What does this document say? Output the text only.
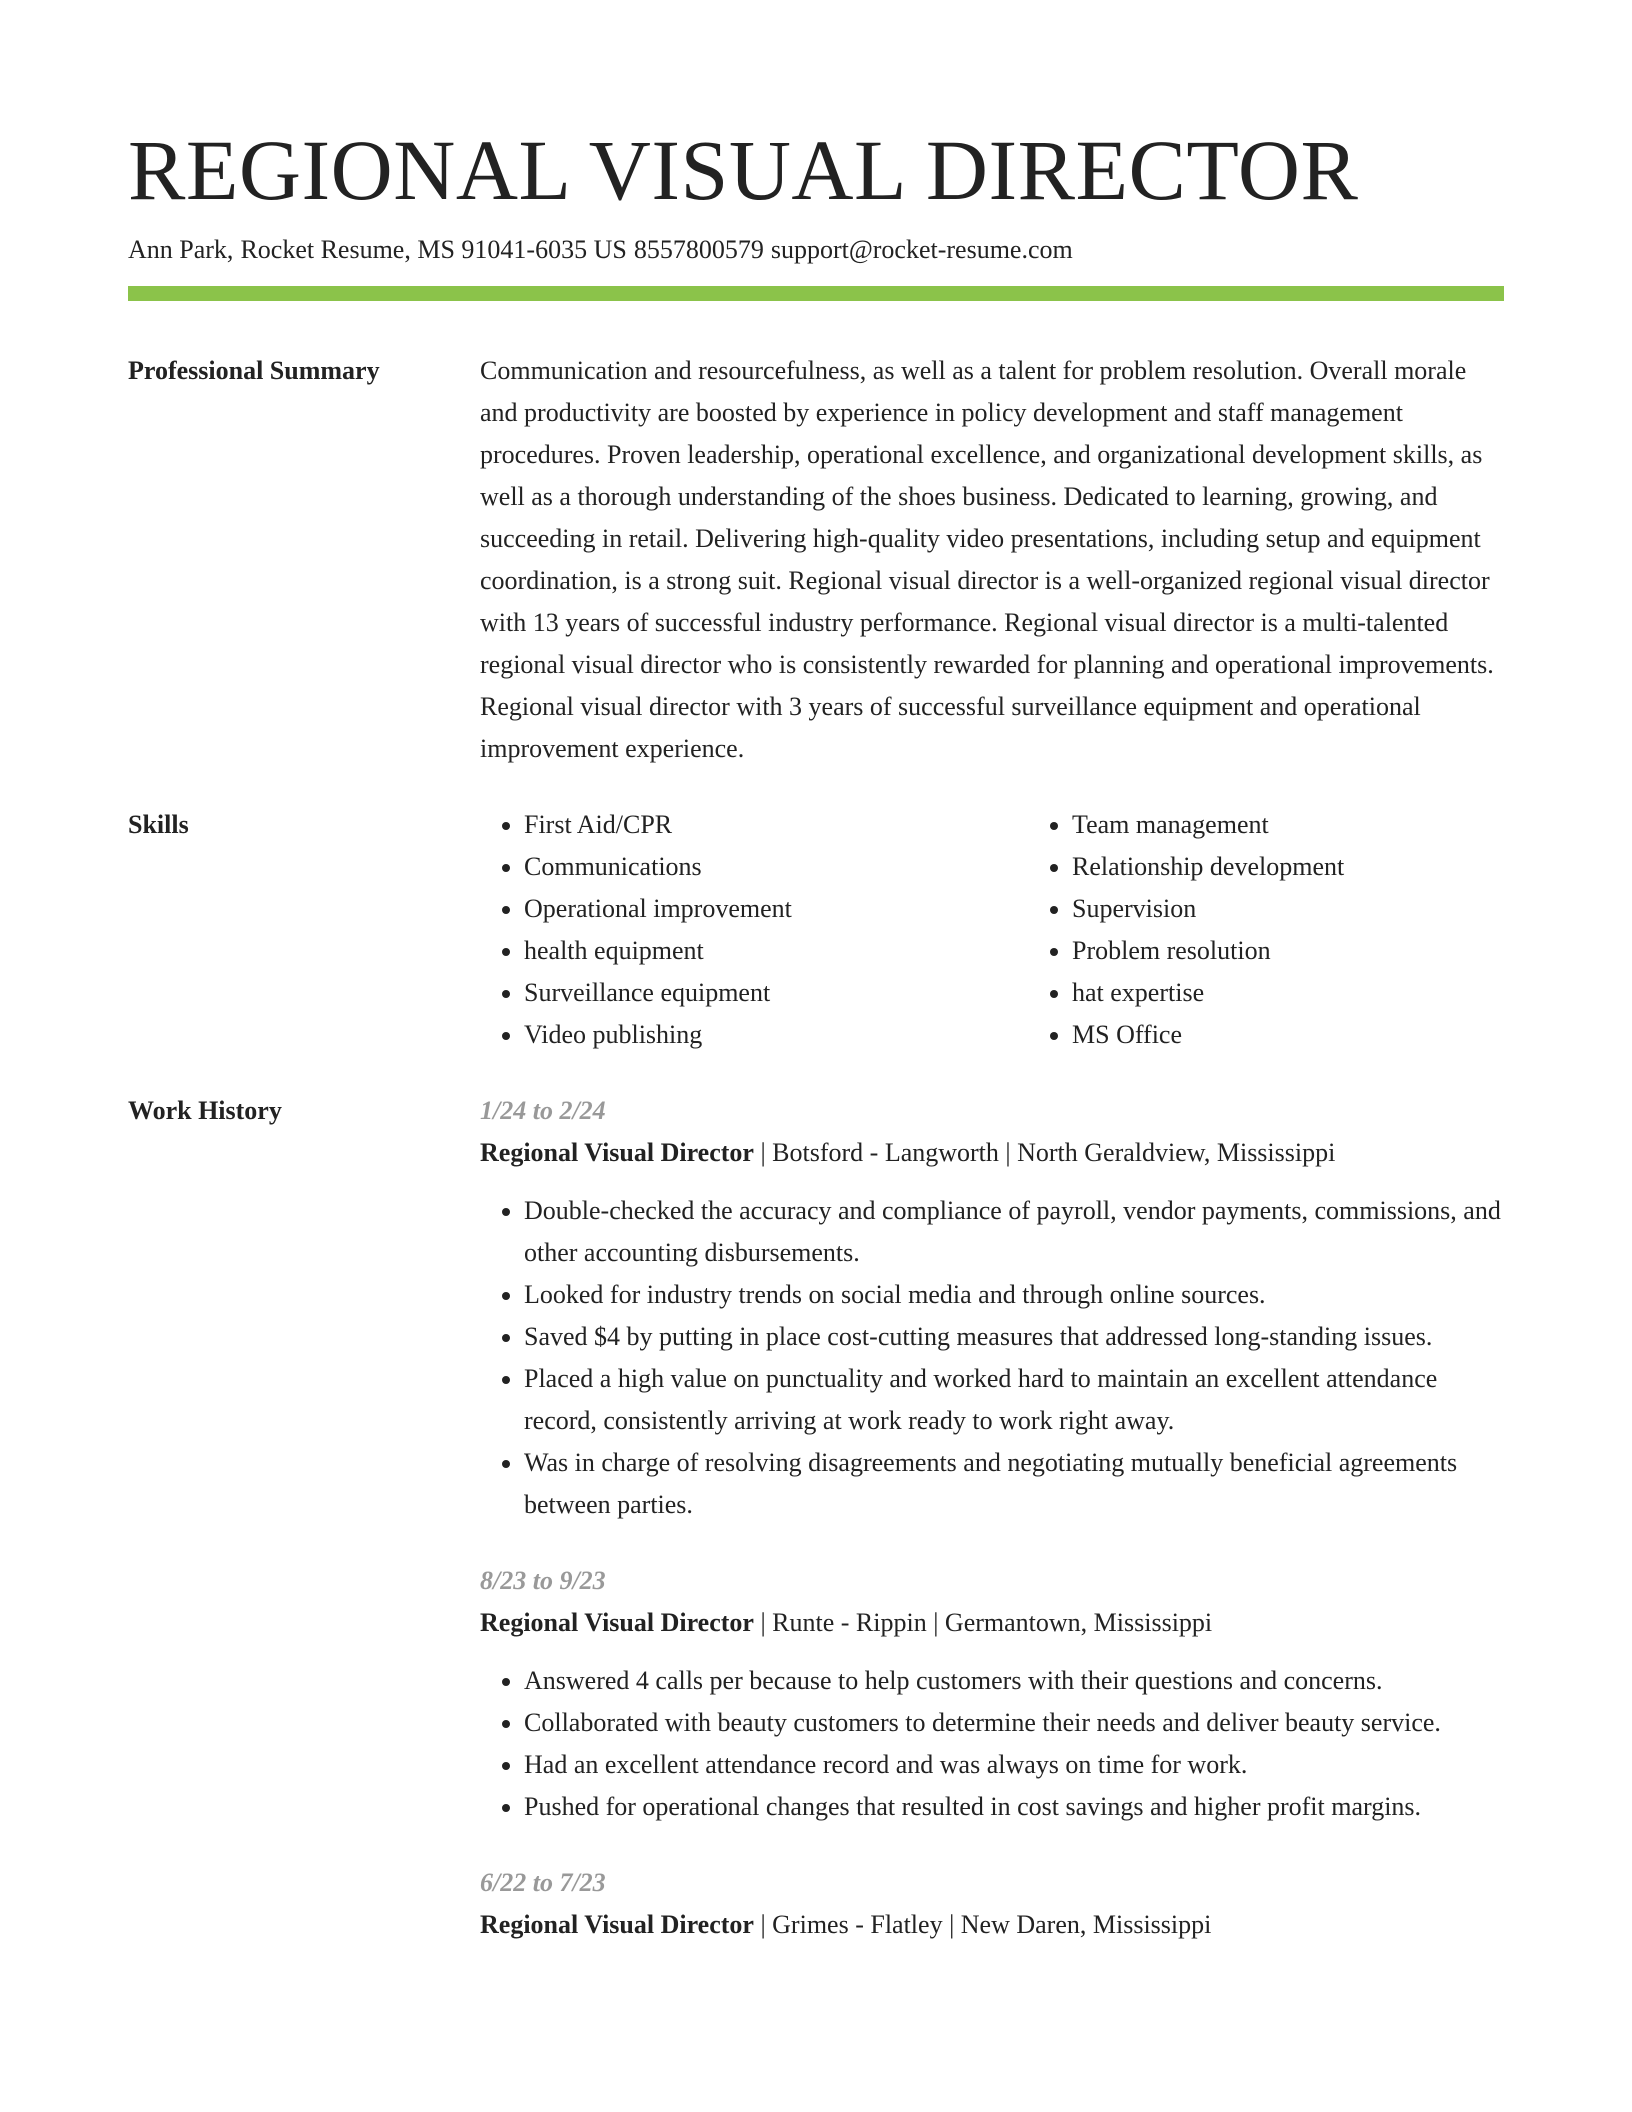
REGIONAL VISUAL DIRECTOR
Ann Park, Rocket Resume, MS 91041-6035 US 8557800579 support@rocket-resume.com
Professional Summary	Communication and resourcefulness, as well as a talent for problem resolution. Overall morale and productivity are boosted by experience in policy development and staff management procedures. Proven leadership, operational excellence, and organizational development skills, as well as a thorough understanding of the shoes business. Dedicated to learning, growing, and succeeding in retail. Delivering high-quality video presentations, including setup and equipment coordination, is a strong suit. Regional visual director is a well-organized regional visual director with 13 years of successful industry performance. Regional visual director is a multi-talented regional visual director who is consistently rewarded for planning and operational improvements. Regional visual director with 3 years of successful surveillance equipment and operational improvement experience.

Skills
•	First Aid/CPR
• Communications
• Operational improvement
• health equipment
• Surveillance equipment
• Video publishing
• Team management
• Relationship development
• Supervision
• Problem resolution
• hat expertise
• MS Office
Work History	1/24 to 2/24
Regional Visual Director | Botsford - Langworth | North Geraldview, Mississippi
• Double-checked the accuracy and compliance of payroll, vendor payments, commissions, and other accounting disbursements.
• Looked for industry trends on social media and through online sources.
• Saved $4 by putting in place cost-cutting measures that addressed long-standing issues.
• Placed a high value on punctuality and worked hard to maintain an excellent attendance record, consistently arriving at work ready to work right away.
• Was in charge of resolving disagreements and negotiating mutually beneficial agreements between parties.
8/23 to 9/23
Regional Visual Director | Runte - Rippin | Germantown, Mississippi
• Answered 4 calls per because to help customers with their questions and concerns.
• Collaborated with beauty customers to determine their needs and deliver beauty service.
• Had an excellent attendance record and was always on time for work.
• Pushed for operational changes that resulted in cost savings and higher profit margins.
6/22 to 7/23
Regional Visual Director | Grimes - Flatley | New Daren, Mississippi
